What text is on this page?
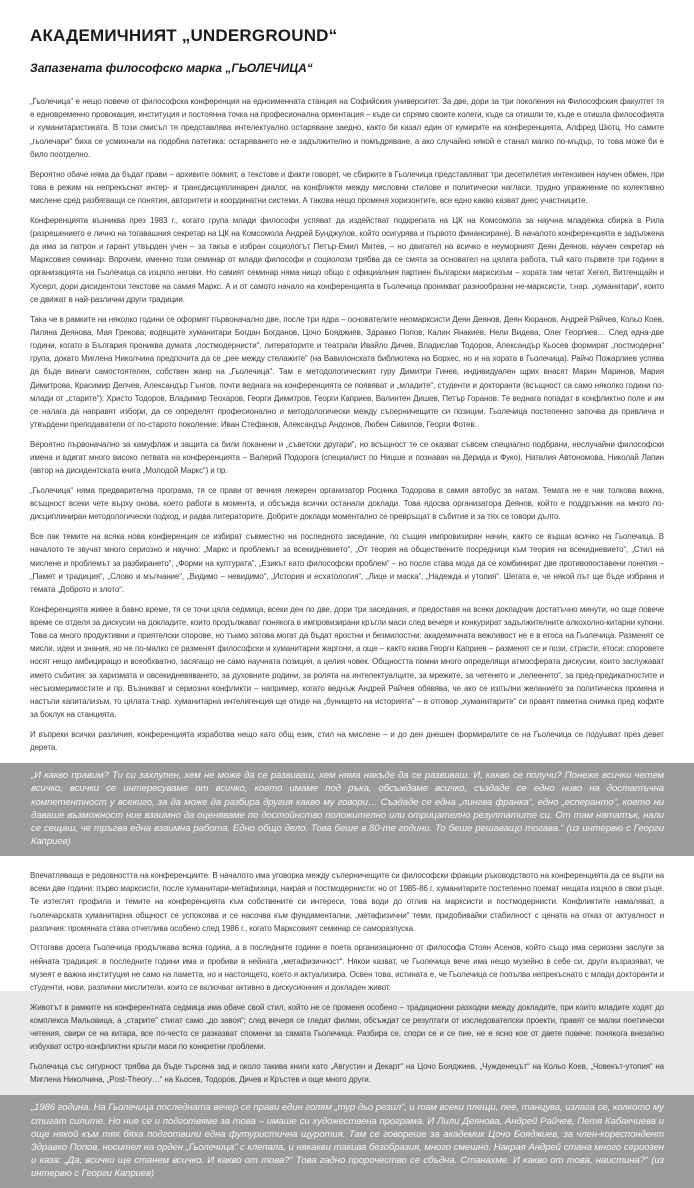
АКАДЕМИЧНИЯТ „UNDERGROUND“
Запазената философско марка „ГЬОЛЕЧИЦА“

„Гьолечица“ е нещо повече от философска конференция на едноименната станция на Софийския университет. За две, дори за три поколения на Философския факултет тя е едновременно провокация, институция и постоянна точка на професионална ориентация – къде си спрямо своите колеги, къде са отишли те, къде е отишла философията и хуманитаристиката. В този смисъл тя представлява интелектуално остаряване заедно, както би казал един от кумирите на конференцията, Алфред Шютц. Но самите „гьолечари“ биха се усмихнали на подобна патетика: остаряването не е задължително и помъдряване, а ако случайно някой е станал малко по-мъдър, то това може би е било поотделно.

Вероятно обаче няма да бъдат прави – архивите помнят, а текстове и факти говорят, че сбирките в Гьолечица представляват три десетилетия интензивен научен обмен, при това в режим на непрекъснат интер- и трансдисциплинарен диалог, на конфликти между мисловни стилове и политически нагласи, трудно упражнение по колективно мислене сред разбягващи се понятия, авторитети и координатни системи. А такова нещо променя хоризонтите, все едно какво казват днес участниците.

Конференцията възниква през 1983 г., когато група млади философи успяват да издействат подкрепата на ЦК на Комсомола за научна младежка сбирка в Рила (разрешението е лично на тогавашния секретар на ЦК на Комсомола Андрей Бунджулов, който осигурява и първото финансиране). В началото конференцията е задължена да има за патрон и гарант утвърден учен – за такъв е избран социологът Петър-Емил Митев, – но двигател на всичко е неуморният Деян Деянов, научен секретар на Марксовия семинар. Впрочем, именно този семинар от млади философи и социолози трябва да се смята за основател на цялата работа, тъй като първите три години в организацията на Гьолечица са изцяло негови. Но самият семинар няма нищо общо с официалния партиен български марксизъм – хората там четат Хегел, Витгенщайн и Хусерл, дори дисидентски текстове на самия Маркс. А и от самото начало на конференцията в Гьолечица проникват разнообразни не-марксисти, т.нар. „хуманитари“, които се движат в най-различни други традиции.

Така че в рамките на няколко години се оформят първоначално две, после три ядра – основателите неомарксисти Деян Деянов, Деян Кюранов, Андрей Райчев, Кольо Коев, Лиляна Деянова, Мая Грекова; водещите хуманитари Богдан Богданов, Цочо Бояджиев, Здравко Попов, Калин Янакиев, Нели Видева, Олег Георгиев… След една-две години, когато в България прониква думата „постмодернисти“, литераторите и театрали Ивайло Дичев, Владислав Тодоров, Александър Кьосев формират „постмодерна“ група, докато Миглена Николчина предпочита да се „рее между стелажите“ (на Вавилонската библиотека на Борхес, но и на хората в Гьолечица). Райчо Пожарлиев успява да бъде винаги самостоятелен, собствен жанр на „Гьолечица“. Там е методологическият гуру Димитри Гинев, индивидуален щрих внасят Марин Маринов, Мария Димитрова, Красимир Делчев, Александър Гънгов, почти веднага на конференцията се появяват и „младите“, студенти и докторанти (всъщност са само няколко години по-млади от „старите“): Христо Тодоров, Владимир Теохаров, Георги Димитров, Георги Каприев, Валинтен Дишев, Петър Горанов. Те веднага попадат в конфликтно поле и им се налага да направят избори, да се определят професионално и методологически между съперничещите си позиции. Гьолечица постепенно започва да привлича и утвърдени преподаватели от по-старото поколение: Иван Стефанов, Александър Андонов, Любен Сивилов, Георги Фотев.

Вероятно първоначално за камуфлаж и защита са били поканени и „съветски другари“, но всъщност те се оказват съвсем специално подбрани, неслучайни философски имена и вдигат много високо летвата на конференцията – Валерий Подорога (специалист по Ницше и познавач на Дерида и Фуко), Наталия Автономова, Николай Лапин (автор на дисидентската книга „Молодой Маркс“) и пр.

„Гьолечица“ няма предварителна програма, тя се прави от вечния лежерен организатор Росинка Тодорова в самия автобус за натам. Темата не е чак толкова важна, всъщност всеки чете върху онова, което работи в момента, и обсъжда всички останали доклади. Това ядосва организатора Деянов, който е поддръжник на много по-дисциплиниран методологически подход, и радва литераторите. Добрите доклади моментално се превръщат в събитие и за тях се говори дълго.

Все пак темите на всяка нова конференция се избират съвместно на последното заседание, по същия импровизиран начин, както се върши всичко на Гьолечица. В началото те звучат много сериозно и научно: „Маркс и проблемът за всекидневието“, „От теория на обществените посредници към теория на всекидневието“, „Стил на мислене и проблемът за разбирането“, „Форми на културата“, „Езикът като философски проблем“ – но после става мода да се комбинират две противопоставени понятия – „Памет и традиция“, „Слово и мълчание“, „Видимо – невидимо“, „История и есхатология“, „Лице и маска“, „Надежда и утопия“. Шегата е, че някой път ще бъде избрана и темата „Доброто и злото“.

Конференцията живее в бавно време, тя се точи цяла седмица, всеки ден по две, дори три заседания, и предоставя на всеки докладчик достатъчно минути, но още повече време се отделя за дискусии на докладите, които продължават понякога в импровизирани кръгли маси след вечеря и конкурират задължителните алкохолно-китарни купони. Това са много продуктивни и приятелски спорове, но тъкмо затова могат да бъдат яростни и безмилостни: академичната вежливост не е в етоса на Гьолечица. Разменят се мисли, идеи и знания, но не по-малко се разменят философски и хуманитарни жаргони, а още – както казва Георги Каприев – разменят се и пози, страсти, етоси: споровете носят нещо амбициращо и всеобхватно, засягащо не само научната позиция, а целия човек. Общността помни много определящи атмосферата дискусии, които заслужават името събития: за харизмата и овсекидневяването, за духовните родини, за ролята на интелектуалците, за мрежите, за четенето и „лелеенето“, за пред-предикатностите и несъизмеримостите и пр. Възникват и сериозни конфликти – например, когато веднъж Андрей Райчев обявява, че ако се изпълни желанието за политическа промяна и настъпи капитализъм, то цялата т.нар. хуманитарна интелигенция ще отиде на „бунището на историята“ – в отговор „хуманитарите“ си правят паметна снимка пред кофите за боклук на станцията.

И въпреки всички различия, конференцията изработва нещо като общ език, стил на мислене – и до ден днешен формиралите се на Гьолечица се подушват през девет дерета.

„И какво правим? Ти си захлупен, хем не може да се развиваш, хем няма накъде да се развиваш. И, какво се получи? Понеже всички четем всичко, всички се интересуваме от всичко, което имаме под ръка, обсъждаме всичко, създаде се едно ниво на достатъчна компетентност у всекиго, за да може да разбира другия какво му говори… Създаде се една „лингва франка“, едно „есперанто“, което ни даваше възможност ние взаимно да оценяваме по достойнство положително или отрицателно резултатите си. От там нататък, нали се сещаш, че тръгва една взаимна работа. Едно общо дело. Това беше в 80-те години. То беше решаващо тогава.“ (из интервю с Георги Каприев)

Впечатляваща е редовността на конференциите. В началото има уговорка между съперничещите си философски фракции ръководството на конференцията да се върти на всеки две години: първо марксисти, после хуманитари-метафизици, накрая и постмодернисти: но от 1985-86 г. хуманитарите постепенно поемат нещата изцяло в свои ръце. Те изтеглят профила и темите на конференцията към собствените си интереси, това води до отлив на марксисти и постмодернисти. Конфликтите намаляват, а гьолечарската хуманитарна общност се успокоява и се насочва към фундаментални, „метафизични“ теми, придобивайки стабилност с цената на отказ от актуалност и различия: промяната става отчетлива особено след 1986 г., когато Марксовият семинар се саморазпуска.

Оттогава досега Гьолечица продължава всяка година, а в последните години е поета организационно от философа Стоян Асенов, който също има сериозни заслуги за нейната традиция: в последните години има и пробиви в нейната „метафизичност“. Някои казват, че Гьолечица вече има нещо музейно в себе си, други възразяват, че музеят е важна институция не само на паметта, но и настоящето, което я актуализира. Освен това, истината е, че Гьолечица се попълва непрекъснато с млади докторанти и студенти, нови, различни мислители, които се включват активно в дискусионния и докладен живот.

Животът в рамките на конферентната седмица има обаче свой стил, който не се променя особено – традиционни разходки между докладите, при които младите ходят до комплекса Мальовица, а „старите“ стигат само „до завоя“; след вечеря се гледат филми, обсъждат се резултати от изследователски проекти, правят се малки поетически четения, свири се на китара, все по-често се разказват спомени за самата Гьолечица. Разбира се, спори се и се пие, не е ясно кое от двете повече: понякога внезапно избухват остро-конфликтни кръгли маси по конкретни проблеми.

Гьолечица със сигурност трябва да бъде търсена зад и около такива книги като „Августин и Декарт“ на Цочо Бояджиев, „Чужденецът“ на Кольо Коев, „Човекът-утопия“ на Миглена Николчина, „Post-Theory…“ на Кьосев, Тодоров, Дичев и Кръстев и още много други.

„1986 година. На Гьолечица последната вечер се прави един голям „тур дьо резил“, и там всеки плещи, пее, танцува, излага се, колкото му стигат силите. Но ние се и подготвяме за това – имаше си художествена програма. И Лили Деянова, Андрей Райчев, Петя Кабакчиева и още някой към тях бяха подготвили една футуристична щуротия. Там се говореше за академик Цочо Бояджиев, за член-кореспондент Здравко Попов, носител на орден „Гьолечица“ с клепала, и някакви такива безобразия, много смешно. Накрая Андрей стана много сериозен и каза: „Да, всички ще станем всичко. И какво от това?“ Това гадно пророчество се сбъдна. Станахме. И какво от това, наистина?“ (из интервю с Георги Каприев)
